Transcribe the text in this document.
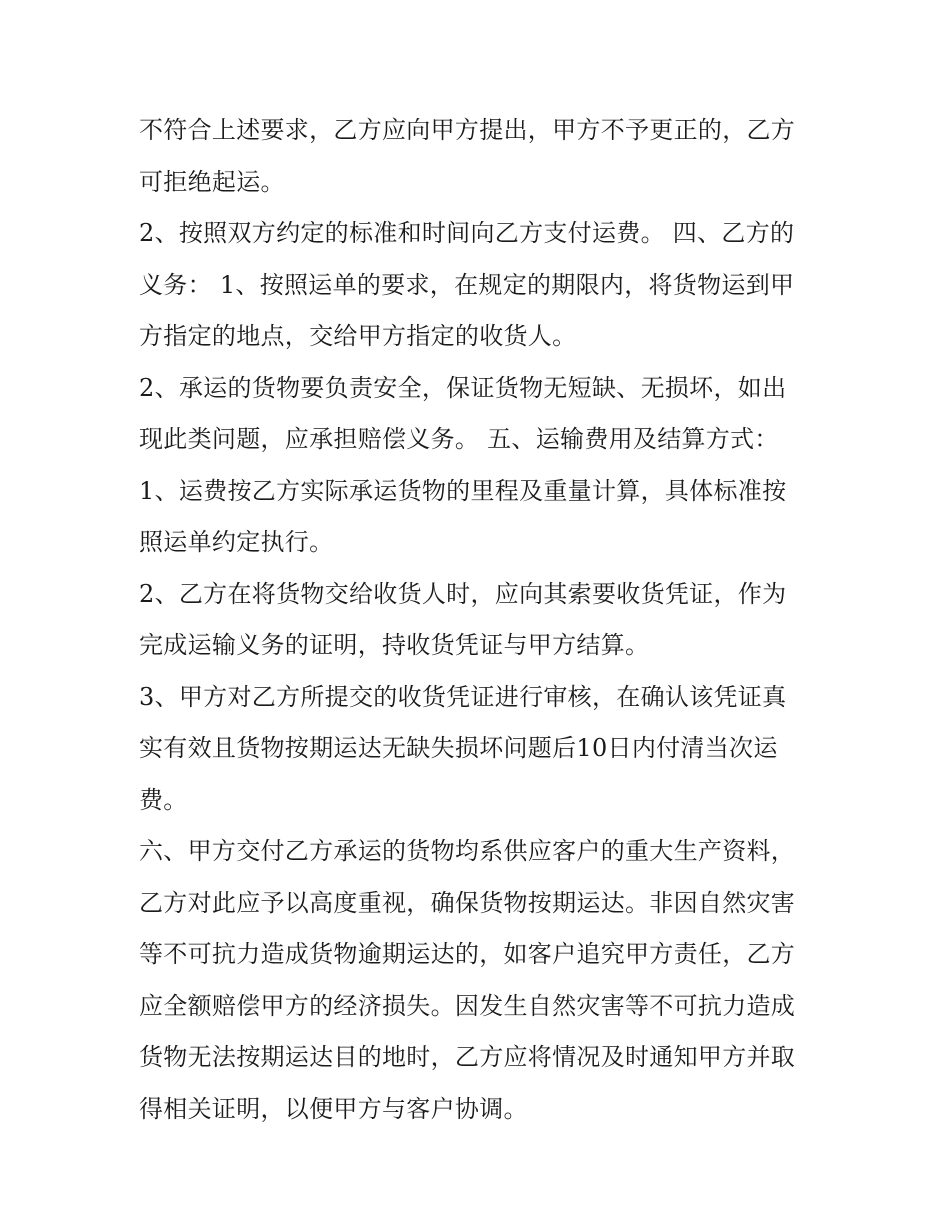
不符合上述要求，乙方应向甲方提出，甲方不予更正的，乙方
可拒绝起运。
2、按照双方约定的标准和时间向乙方支付运费。 四、乙方的
义务： 1、按照运单的要求，在规定的期限内，将货物运到甲
方指定的地点，交给甲方指定的收货人。
2、承运的货物要负责安全，保证货物无短缺、无损坏，如出
现此类问题，应承担赔偿义务。 五、运输费用及结算方式：
1、运费按乙方实际承运货物的里程及重量计算，具体标准按
照运单约定执行。
2、乙方在将货物交给收货人时，应向其索要收货凭证，作为
完成运输义务的证明，持收货凭证与甲方结算。
3、甲方对乙方所提交的收货凭证进行审核，在确认该凭证真
实有效且货物按期运达无缺失损坏问题后10日内付清当次运
费。
六、甲方交付乙方承运的货物均系供应客户的重大生产资料，
乙方对此应予以高度重视，确保货物按期运达。非因自然灾害
等不可抗力造成货物逾期运达的，如客户追究甲方责任，乙方
应全额赔偿甲方的经济损失。因发生自然灾害等不可抗力造成
货物无法按期运达目的地时，乙方应将情况及时通知甲方并取
得相关证明，以便甲方与客户协调。
